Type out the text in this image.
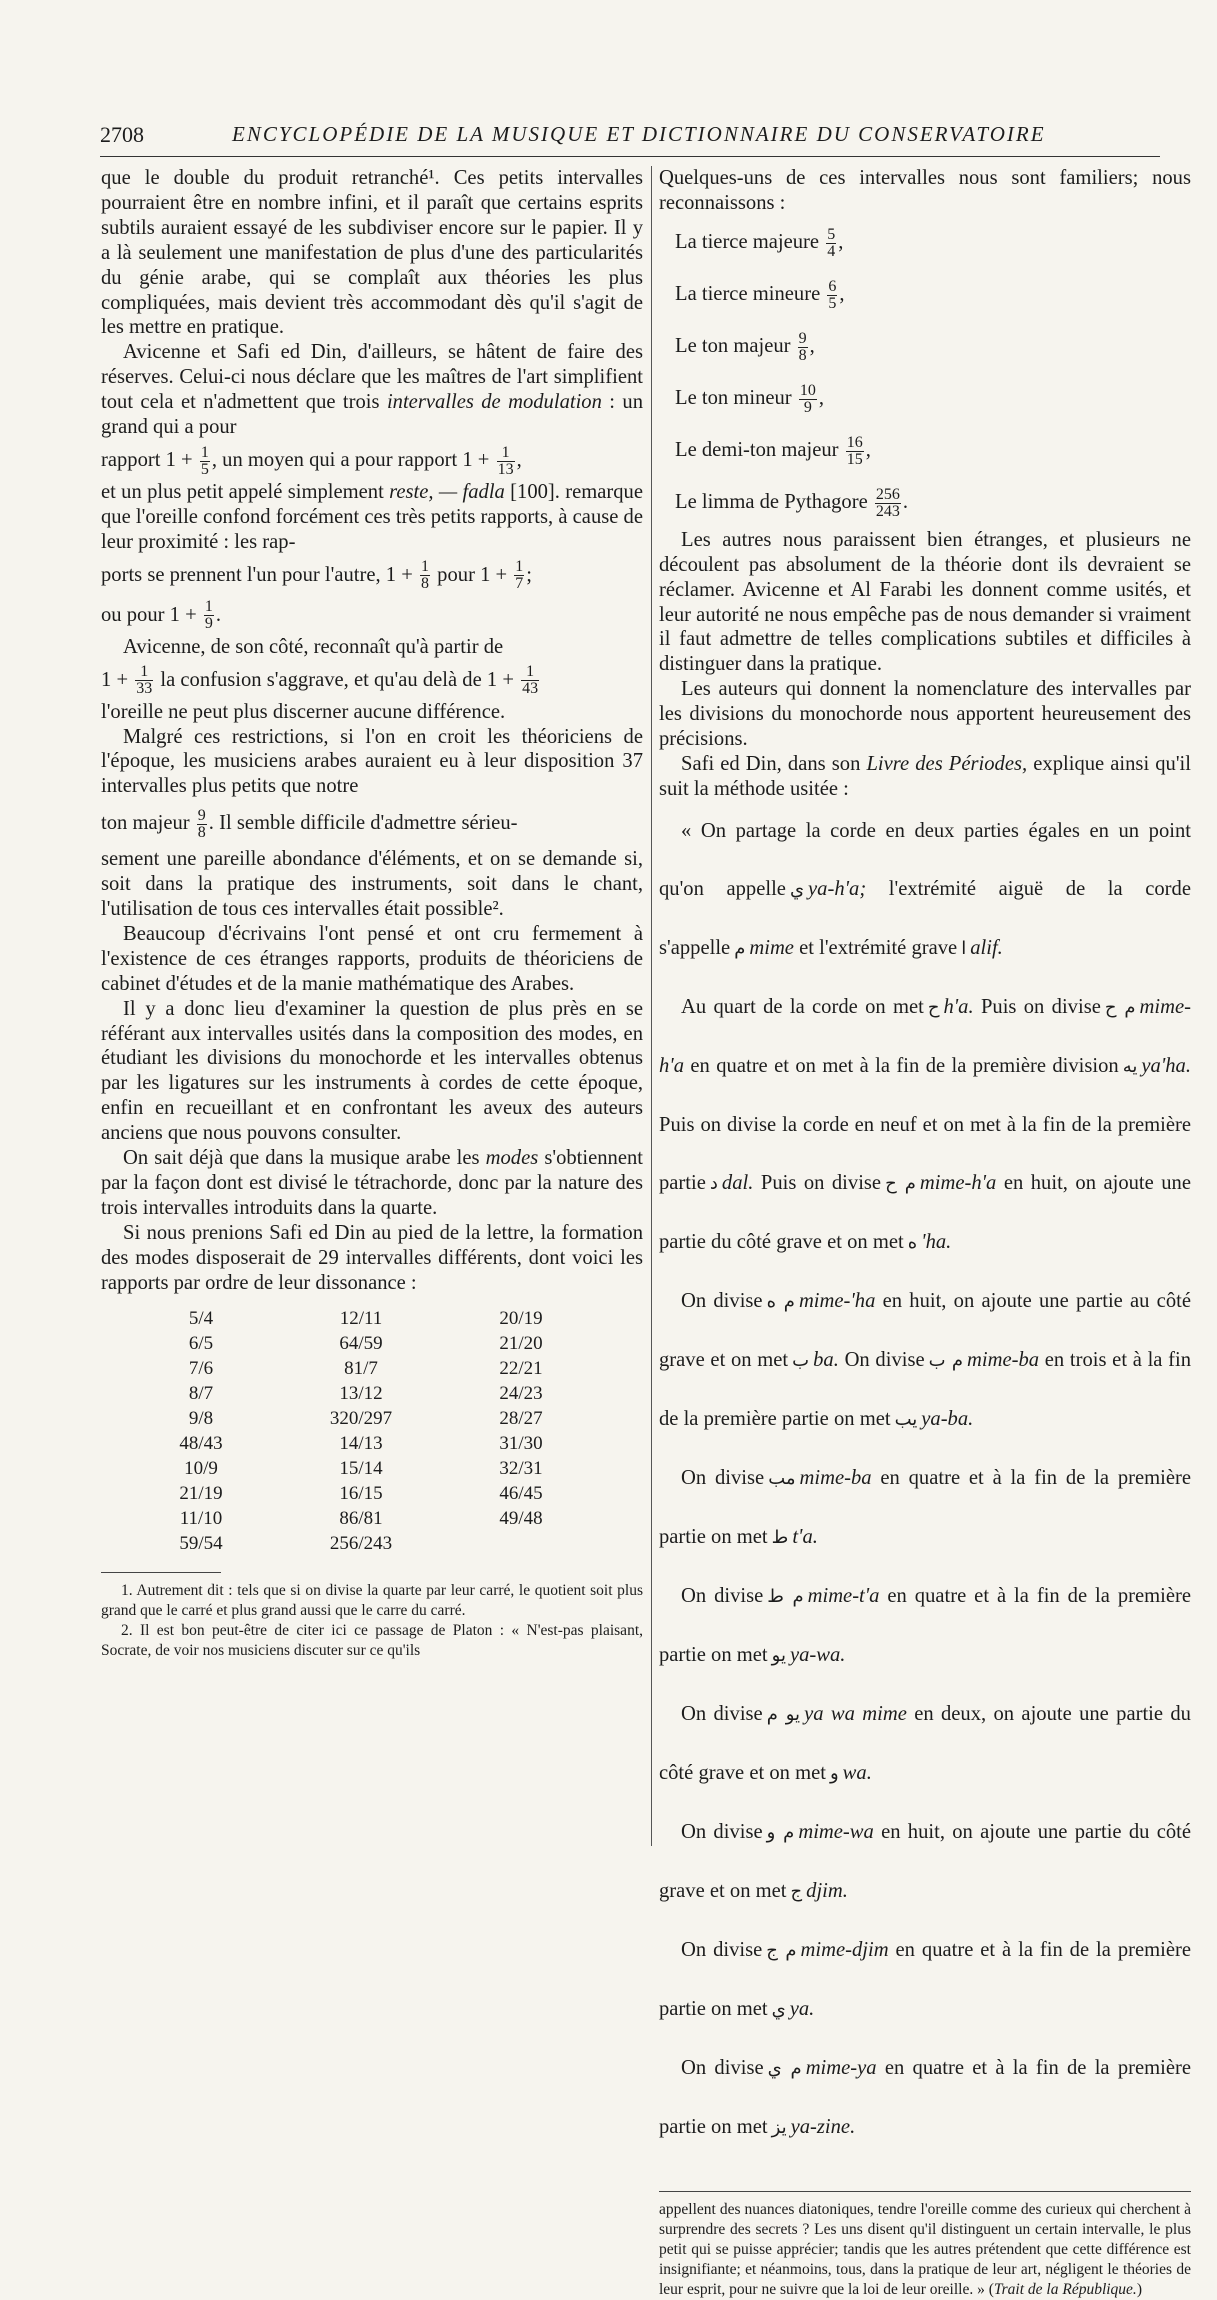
2708	ENCYCLOPÉDIE DE LA MUSIQUE ET DICTIONNAIRE DU CONSERVATOIRE

que le double du produit retranché¹. Ces petits intervalles pourraient être en nombre infini, et il paraît que certains esprits subtils auraient essayé de les subdiviser encore sur le papier. Il y a là seulement une manifestation de plus d'une des particularités du génie arabe, qui se complaît aux théories les plus compliquées, mais devient très accommodant dès qu'il s'agit de les mettre en pratique.

Avicenne et Safi ed Din, d'ailleurs, se hâtent de faire des réserves. Celui-ci nous déclare que les maîtres de l'art simplifient tout cela et n'admettent que trois intervalles de modulation : un grand qui a pour

rapport $1 + \frac{1}{5}$ , un moyen qui a pour rapport $1 + \frac{1}{13}$ ,

et un plus petit appelé simplement reste, — fadla [100]. remarque que l'oreille confond forcément ces très petits rapports, à cause de leur proximité : les rap-

ports se prennent l'un pour l'autre, $1 + \frac{1}{8}$ pour $1 + \frac{1}{7}$ ;

ou pour $1 + \frac{1}{9}$ .

Avicenne, de son côté, reconnaît qu'à partir de

$1 + \frac{1}{33}$ la confusion s'aggrave, et qu'au delà de $1 + \frac{1}{43}$

l'oreille ne peut plus discerner aucune différence.

Malgré ces restrictions, si l'on en croit les théoriciens de l'époque, les musiciens arabes auraient eu à leur disposition 37 intervalles plus petits que notre

ton majeur $\frac{9}{8}$ . Il semble difficile d'admettre sérieu-

sement une pareille abondance d'éléments, et on se demande si, soit dans la pratique des instruments, soit dans le chant, l'utilisation de tous ces intervalles était possible².

Beaucoup d'écrivains l'ont pensé et ont cru fermement à l'existence de ces étranges rapports, produits de théoriciens de cabinet d'études et de la manie mathématique des Arabes.

Il y a donc lieu d'examiner la question de plus près en se référant aux intervalles usités dans la composition des modes, en étudiant les divisions du monochorde et les intervalles obtenus par les ligatures sur les instruments à cordes de cette époque, enfin en recueillant et en confrontant les aveux des auteurs anciens que nous pouvons consulter.

On sait déjà que dans la musique arabe les modes s'obtiennent par la façon dont est divisé le tétrachorde, donc par la nature des trois intervalles introduits dans la quarte.

Si nous prenions Safi ed Din au pied de la lettre, la formation des modes disposerait de 29 intervalles différents, dont voici les rapports par ordre de leur dissonance :

5/4	12/11	20/19
6/5	64/59	21/20
7/6	81/7	22/21
8/7	13/12	24/23
9/8	320/297	28/27
48/43	14/13	31/30
10/9	15/14	32/31
21/19	16/15	46/45
11/10	86/81	49/48
59/54	256/243	

1. Autrement dit : tels que si on divise la quarte par leur carré, le quotient soit plus grand que le carré et plus grand aussi que le carre du carré.

2. Il est bon peut-être de citer ici ce passage de Platon : « N'est-pas plaisant, Socrate, de voir nos musiciens discuter sur ce qu'ils

Quelques-uns de ces intervalles nous sont familiers; nous reconnaissons :

La tierce majeure $\frac{5}{4}$ ,

La tierce mineure $\frac{6}{5}$ ,

Le ton majeur $\frac{9}{8}$ ,

Le ton mineur $\frac{10}{9}$ ,

Le demi-ton majeur $\frac{16}{15}$ ,

Le limma de Pythagore $\frac{256}{243}$ .

Les autres nous paraissent bien étranges, et plusieurs ne découlent pas absolument de la théorie dont ils devraient se réclamer. Avicenne et Al Farabi les donnent comme usités, et leur autorité ne nous empêche pas de nous demander si vraiment il faut admettre de telles complications subtiles et difficiles à distinguer dans la pratique.

Les auteurs qui donnent la nomenclature des intervalles par les divisions du monochorde nous apportent heureusement des précisions.

Safi ed Din, dans son Livre des Périodes, explique ainsi qu'il suit la méthode usitée :

« On partage la corde en deux parties égales en un point qu'on appelle ي ya-h'a; l'extrémité aiguë de la corde s'appelle م mime et l'extrémité grave ا alif.

Au quart de la corde on met ح h'a. Puis on divise م ح mime-h'a en quatre et on met à la fin de la première division يه ya'ha. Puis on divise la corde en neuf et on met à la fin de la première partie د dal. Puis on divise م ح mime-h'a en huit, on ajoute une partie du côté grave et on met ه 'ha.

On divise م ه mime-'ha en huit, on ajoute une partie au côté grave et on met ب ba. On divise م ب mime-ba en trois et à la fin de la première partie on met يب ya-ba.

On divise مب mime-ba en quatre et à la fin de la première partie on met ط t'a.

On divise م ط mime-t'a en quatre et à la fin de la première partie on met يو ya-wa.

On divise يو م ya wa mime en deux, on ajoute une partie du côté grave et on met و wa.

On divise م و mime-wa en huit, on ajoute une partie du côté grave et on met ج djim.

On divise م ج mime-djim en quatre et à la fin de la première partie on met ي ya.

On divise م ي mime-ya en quatre et à la fin de la première partie on met يز ya-zine.

appellent des nuances diatoniques, tendre l'oreille comme des curieux qui cherchent à surprendre des secrets ? Les uns disent qu'il distinguent un certain intervalle, le plus petit qui se puisse apprécier; tandis que les autres prétendent que cette différence est insignifiante; et néanmoins, tous, dans la pratique de leur art, négligent le théories de leur esprit, pour ne suivre que la loi de leur oreille. » (Trait de la République.)
